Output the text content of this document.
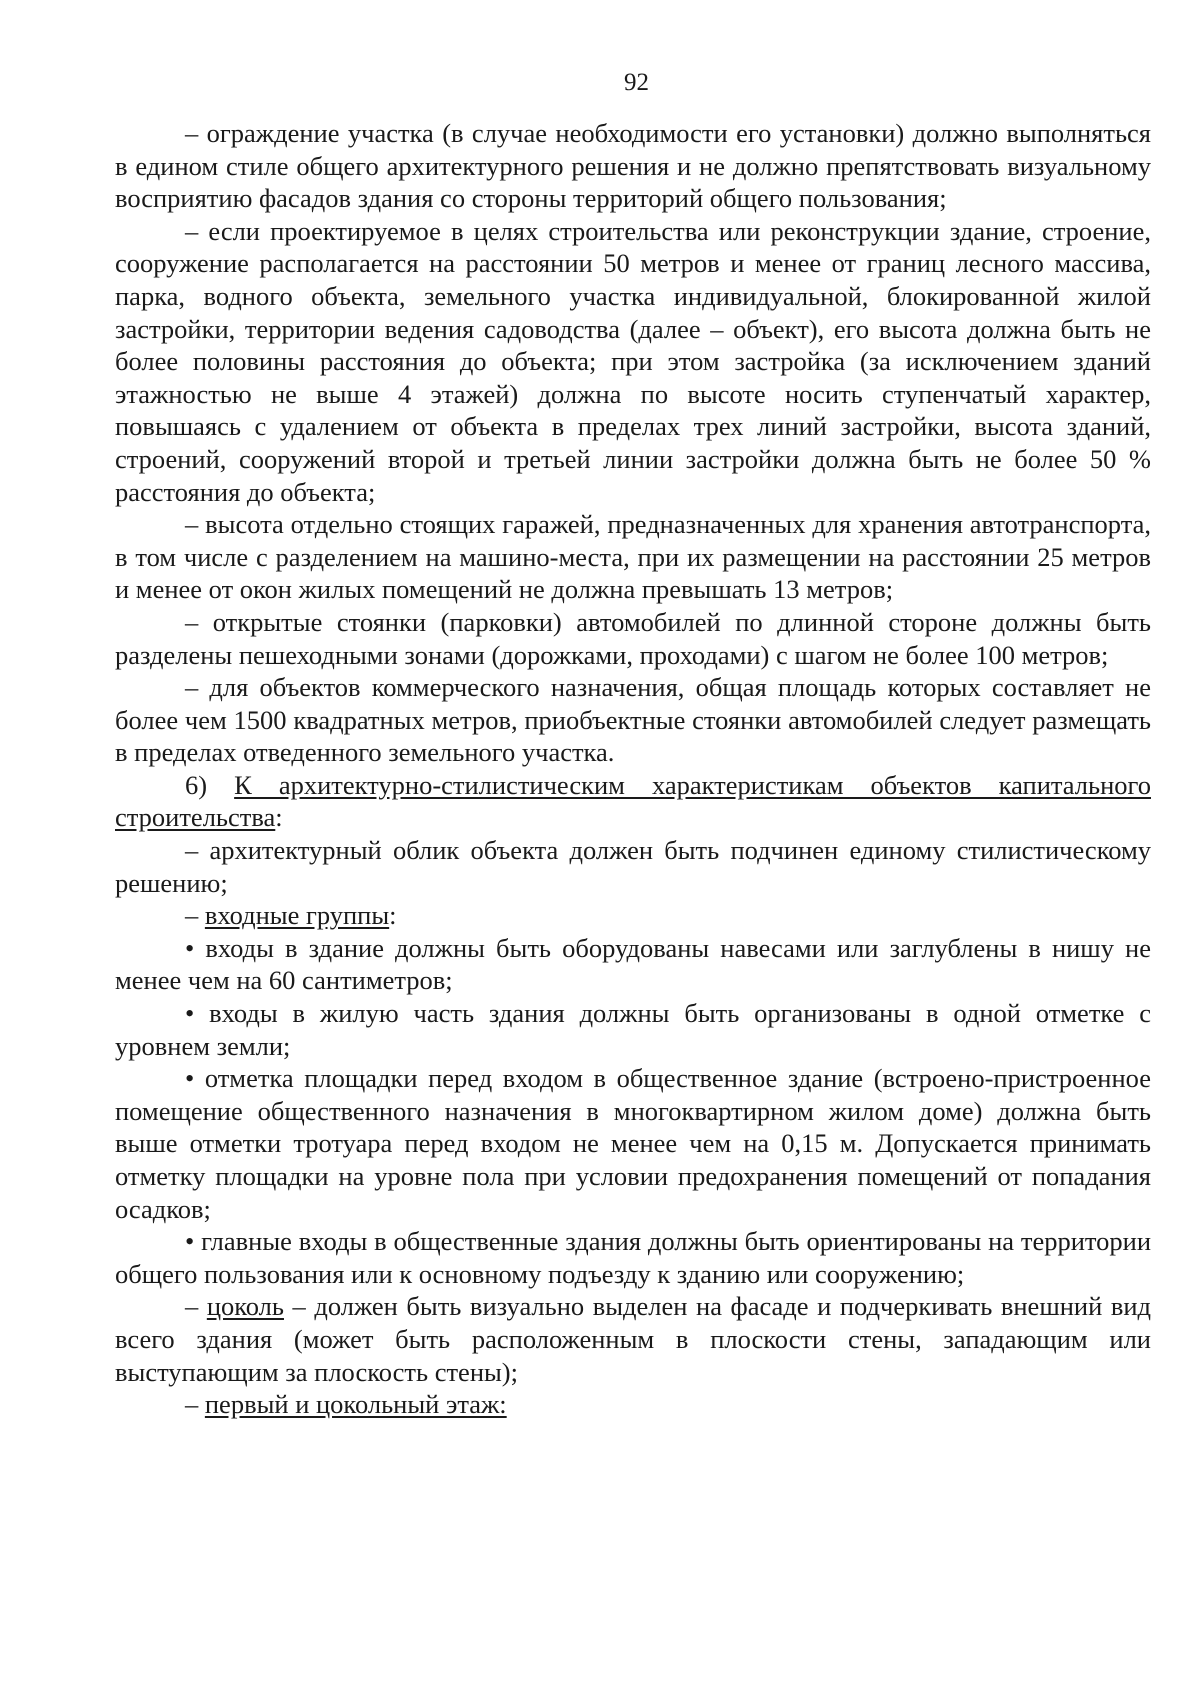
92

– ограждение участка (в случае необходимости его установки) должно выполняться в едином стиле общего архитектурного решения и не должно препятствовать визуальному восприятию фасадов здания со стороны территорий общего пользования;

– если проектируемое в целях строительства или реконструкции здание, строение, сооружение располагается на расстоянии 50 метров и менее от границ лесного массива, парка, водного объекта, земельного участка индивидуальной, блокированной жилой застройки, территории ведения садоводства (далее – объект), его высота должна быть не более половины расстояния до объекта; при этом застройка (за исключением зданий этажностью не выше 4 этажей) должна по высоте носить ступенчатый характер, повышаясь с удалением от объекта в пределах трех линий застройки, высота зданий, строений, сооружений второй и третьей линии застройки должна быть не более 50 % расстояния до объекта;

– высота отдельно стоящих гаражей, предназначенных для хранения автотранспорта, в том числе с разделением на машино-места, при их размещении на расстоянии 25 метров и менее от окон жилых помещений не должна превышать 13 метров;

– открытые стоянки (парковки) автомобилей по длинной стороне должны быть разделены пешеходными зонами (дорожками, проходами) с шагом не более 100 метров;

– для объектов коммерческого назначения, общая площадь которых составляет не более чем 1500 квадратных метров, приобъектные стоянки автомобилей следует размещать в пределах отведенного земельного участка.

6) К архитектурно-стилистическим характеристикам объектов капитального строительства:

– архитектурный облик объекта должен быть подчинен единому стилистическому решению;

– входные группы:

• входы в здание должны быть оборудованы навесами или заглублены в нишу не менее чем на 60 сантиметров;

• входы в жилую часть здания должны быть организованы в одной отметке с уровнем земли;

• отметка площадки перед входом в общественное здание (встроено-пристроенное помещение общественного назначения в многоквартирном жилом доме) должна быть выше отметки тротуара перед входом не менее чем на 0,15 м. Допускается принимать отметку площадки на уровне пола при условии предохранения помещений от попадания осадков;

• главные входы в общественные здания должны быть ориентированы на территории общего пользования или к основному подъезду к зданию или сооружению;

– цоколь – должен быть визуально выделен на фасаде и подчеркивать внешний вид всего здания (может быть расположенным в плоскости стены, западающим или выступающим за плоскость стены);

– первый и цокольный этаж:
